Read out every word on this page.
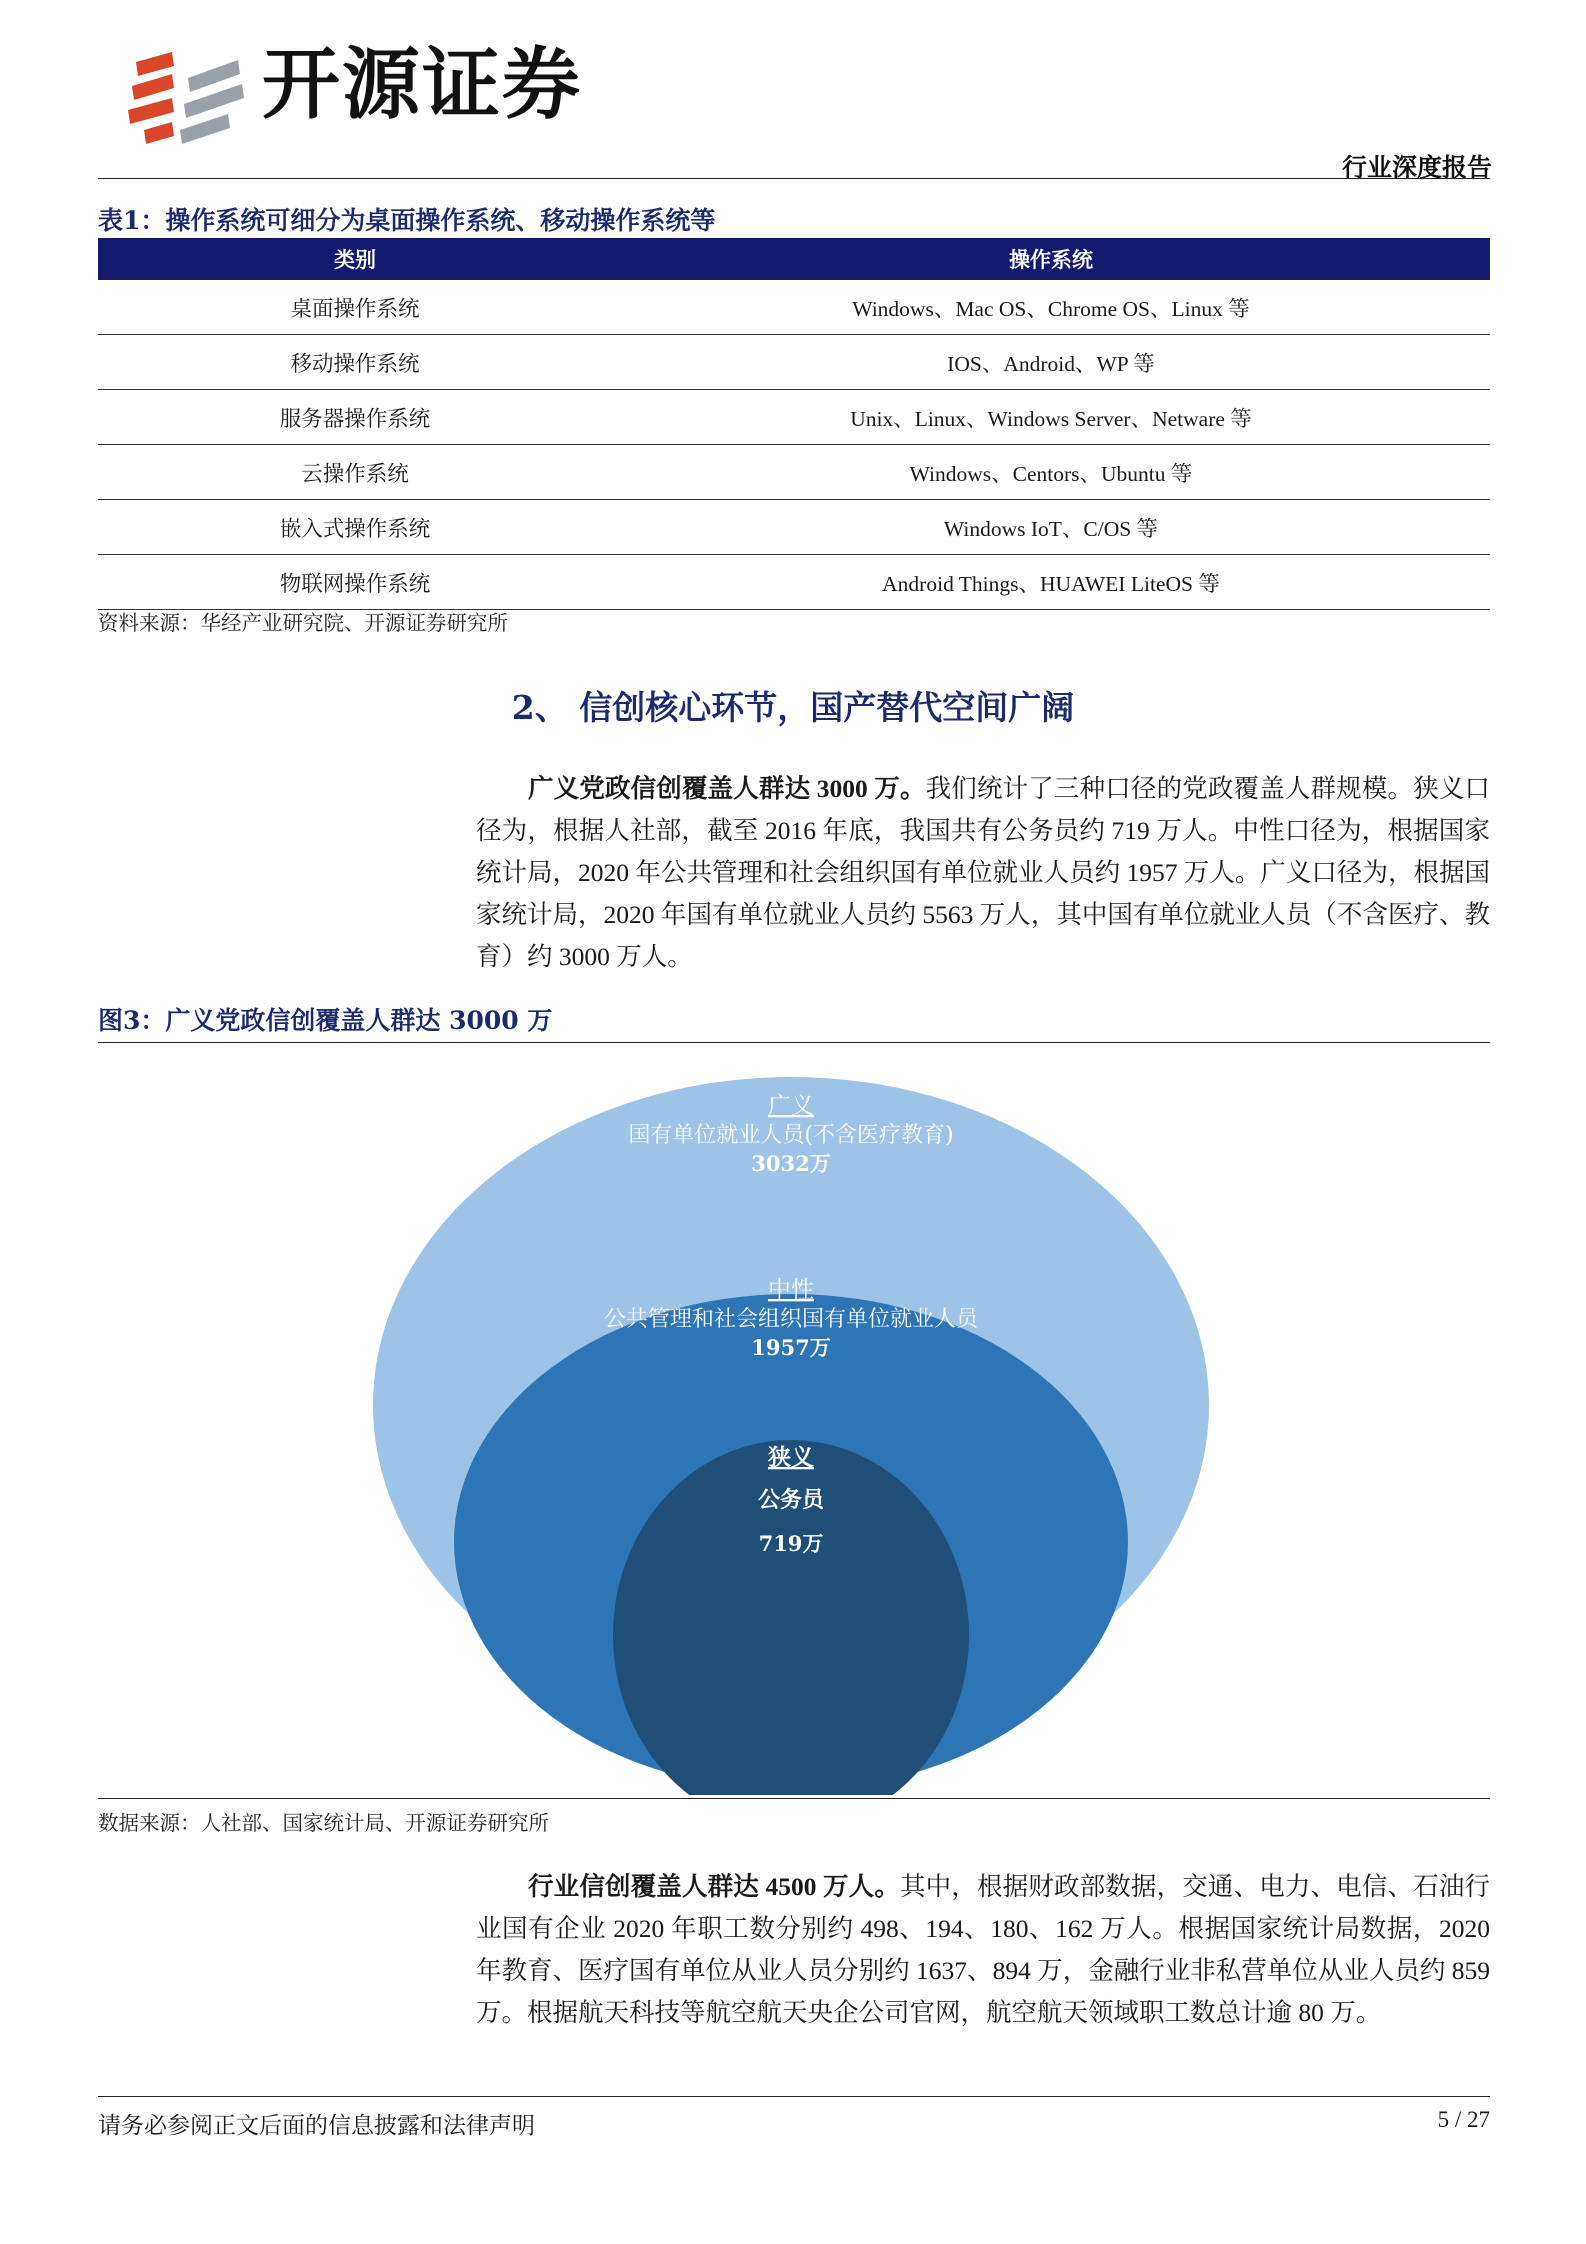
开源证券
行业深度报告
表1：操作系统可细分为桌面操作系统、移动操作系统等
类别	操作系统
桌面操作系统	Windows、Mac OS、Chrome OS、Linux 等
移动操作系统	IOS、Android、WP 等
服务器操作系统	Unix、Linux、Windows Server、Netware 等
云操作系统	Windows、Centors、Ubuntu 等
嵌入式操作系统	Windows IoT、C/OS 等
物联网操作系统	Android Things、HUAWEI LiteOS 等
资料来源：华经产业研究院、开源证券研究所
2、 信创核心环节，国产替代空间广阔

广义党政信创覆盖人群达 3000 万。我们统计了三种口径的党政覆盖人群规模。狭义口径为，根据人社部，截至 2016 年底，我国共有公务员约 719 万人。中性口径为，根据国家统计局，2020 年公共管理和社会组织国有单位就业人员约 1957 万人。广义口径为，根据国家统计局，2020 年国有单位就业人员约 5563 万人，其中国有单位就业人员（不含医疗、教育）约 3000 万人。

图3：广义党政信创覆盖人群达 3000 万
广义
国有单位就业人员(不含医疗教育)
3032万
中性
公共管理和社会组织国有单位就业人员
1957万
狭义
公务员
719万
数据来源：人社部、国家统计局、开源证券研究所

行业信创覆盖人群达 4500 万人。其中，根据财政部数据，交通、电力、电信、石油行业国有企业 2020 年职工数分别约 498、194、180、162 万人。根据国家统计局数据，2020 年教育、医疗国有单位从业人员分别约 1637、894 万，金融行业非私营单位从业人员约 859 万。根据航天科技等航空航天央企公司官网，航空航天领域职工数总计逾 80 万。

请务必参阅正文后面的信息披露和法律声明	5 / 27
